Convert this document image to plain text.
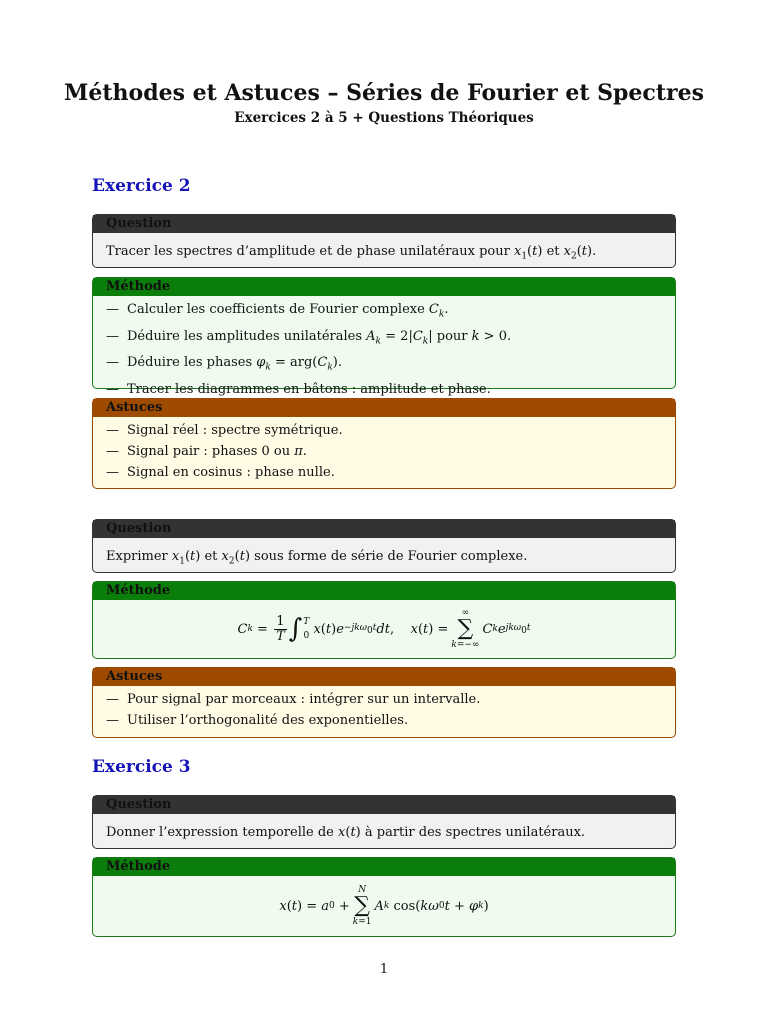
Méthodes et Astuces – Séries de Fourier et Spectres
Exercices 2 à 5 + Questions Théoriques
Exercice 2
Question
Tracer les spectres d’amplitude et de phase unilatéraux pour $x_1(t)$ et $x_2(t)$.
Méthode
— Calculer les coefficients de Fourier complexe $C_k$.
— Déduire les amplitudes unilatérales $A_k = 2|C_k|$ pour k > 0.
— Déduire les phases $\varphi_k = arg(C_k)$.
— Tracer les diagrammes en bâtons : amplitude et phase.
Astuces
— Signal réel : spectre symétrique.
— Signal pair : phases 0 ou π.
— Signal en cosinus : phase nulle.
Question
Exprimer $x_1(t)$ et $x_2(t)$ sous forme de série de Fourier complexe.
Méthode
C $k = \frac{1}{T}$ ∫ T
0
x ( t ) e −jkω$_0$t dt , x ( t ) =
∞
∑
k=−∞
C k e jkω$_0$t
Astuces
— Pour signal par morceaux : intégrer sur un intervalle.
— Utiliser l’orthogonalité des exponentielles.
Exercice 3
Question
Donner l’expression temporelle de x(t) à partir des spectres unilatéraux.
Méthode
x ( t ) = a 0 +
N
∑
k=1
A k cos( kω 0 t + φ k )
1
